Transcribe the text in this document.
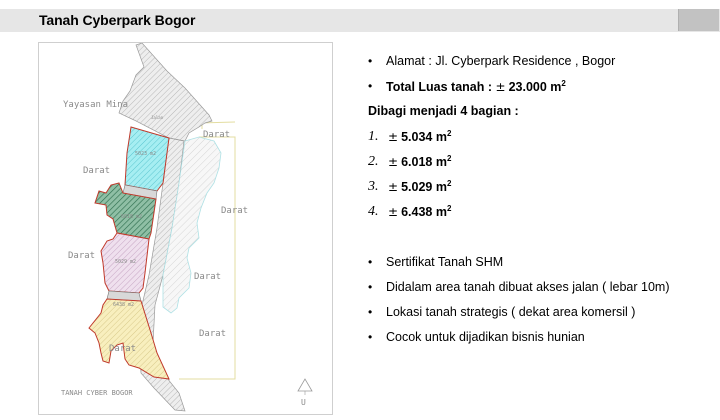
Tanah Cyberpark Bogor
Jalan
Yayasan Mina
Darat
Darat
Darat
Darat
Darat
Darat
Darat
5023 m2
6018 m2
5029 m2
6438 m2
TANAH CYBER BOGOR
U
• Alamat : Jl. Cyberpark Residence , Bogor
• Total Luas tanah : ± 23.000 $m^2$
Dibagi menjadi 4 bagian :
1. ± 5.034 $m^2$
2. ± 6.018 $m^2$
3. ± 5.029 $m^2$
4. ± 6.438 $m^2$
• Sertifikat Tanah SHM
• Didalam area tanah dibuat akses jalan ( lebar 10m)
• Lokasi tanah strategis ( dekat area komersil )
• Cocok untuk dijadikan bisnis hunian
